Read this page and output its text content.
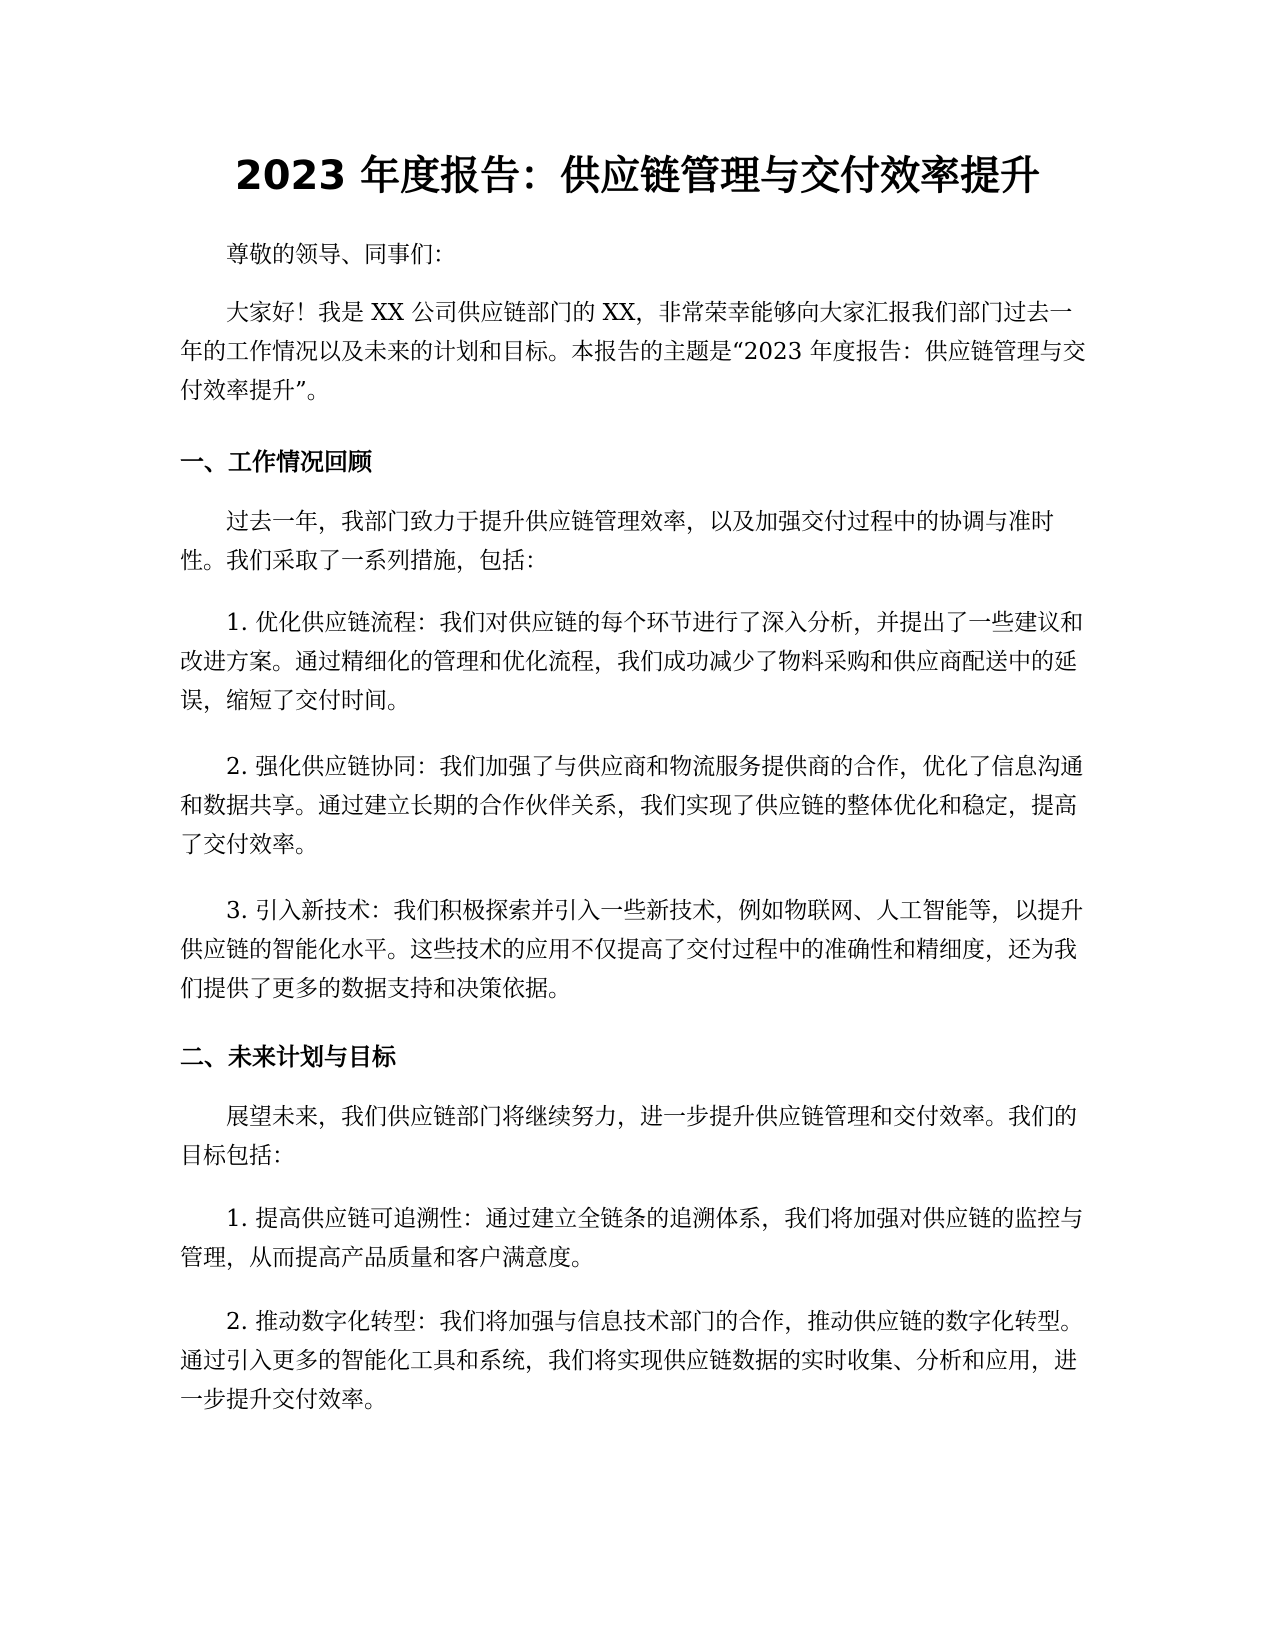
2023 年度报告：供应链管理与交付效率提升

尊敬的领导、同事们：

大家好！我是 XX 公司供应链部门的 XX，非常荣幸能够向大家汇报我们部门过去一年的工作情况以及未来的计划和目标。本报告的主题是“2023 年度报告：供应链管理与交付效率提升”。

一、工作情况回顾

过去一年，我部门致力于提升供应链管理效率，以及加强交付过程中的协调与准时性。我们采取了一系列措施，包括：

1. 优化供应链流程：我们对供应链的每个环节进行了深入分析，并提出了一些建议和改进方案。通过精细化的管理和优化流程，我们成功减少了物料采购和供应商配送中的延误，缩短了交付时间。

2. 强化供应链协同：我们加强了与供应商和物流服务提供商的合作，优化了信息沟通和数据共享。通过建立长期的合作伙伴关系，我们实现了供应链的整体优化和稳定，提高了交付效率。

3. 引入新技术：我们积极探索并引入一些新技术，例如物联网、人工智能等，以提升供应链的智能化水平。这些技术的应用不仅提高了交付过程中的准确性和精细度，还为我们提供了更多的数据支持和决策依据。

二、未来计划与目标

展望未来，我们供应链部门将继续努力，进一步提升供应链管理和交付效率。我们的目标包括：

1. 提高供应链可追溯性：通过建立全链条的追溯体系，我们将加强对供应链的监控与管理，从而提高产品质量和客户满意度。

2. 推动数字化转型：我们将加强与信息技术部门的合作，推动供应链的数字化转型。通过引入更多的智能化工具和系统，我们将实现供应链数据的实时收集、分析和应用，进一步提升交付效率。
